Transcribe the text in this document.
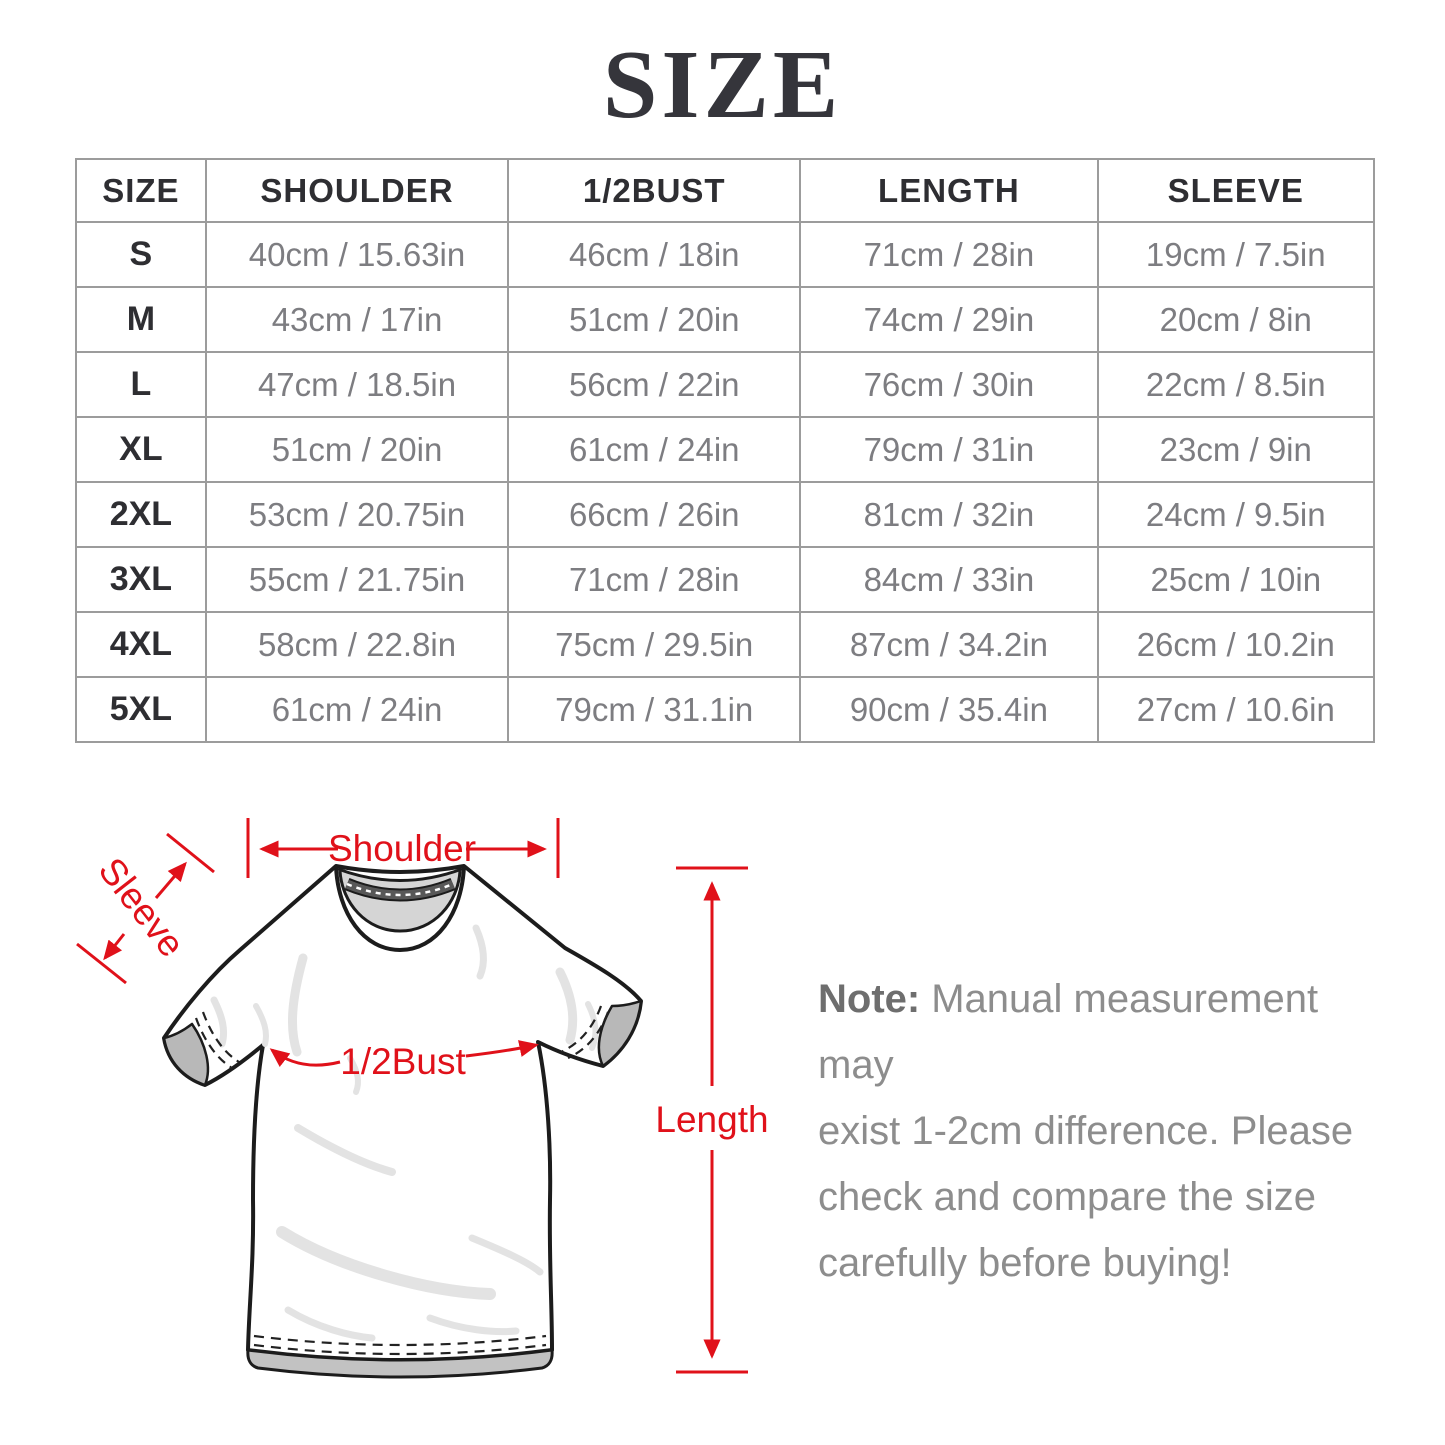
SIZE
SIZE	SHOULDER	1/2BUST	LENGTH	SLEEVE
S	40cm / 15.63in	46cm / 18in	71cm / 28in	19cm / 7.5in
M	43cm / 17in	51cm / 20in	74cm / 29in	20cm / 8in
L	47cm / 18.5in	56cm / 22in	76cm / 30in	22cm / 8.5in
XL	51cm / 20in	61cm / 24in	79cm / 31in	23cm / 9in
2XL	53cm / 20.75in	66cm / 26in	81cm / 32in	24cm / 9.5in
3XL	55cm / 21.75in	71cm / 28in	84cm / 33in	25cm / 10in
4XL	58cm / 22.8in	75cm / 29.5in	87cm / 34.2in	26cm / 10.2in
5XL	61cm / 24in	79cm / 31.1in	90cm / 35.4in	27cm / 10.6in
Shoulder
Sleeve
1/2Bust
Length

Note: Manual measurement may
exist 1-2cm difference. Please
check and compare the size
carefully before buying!
